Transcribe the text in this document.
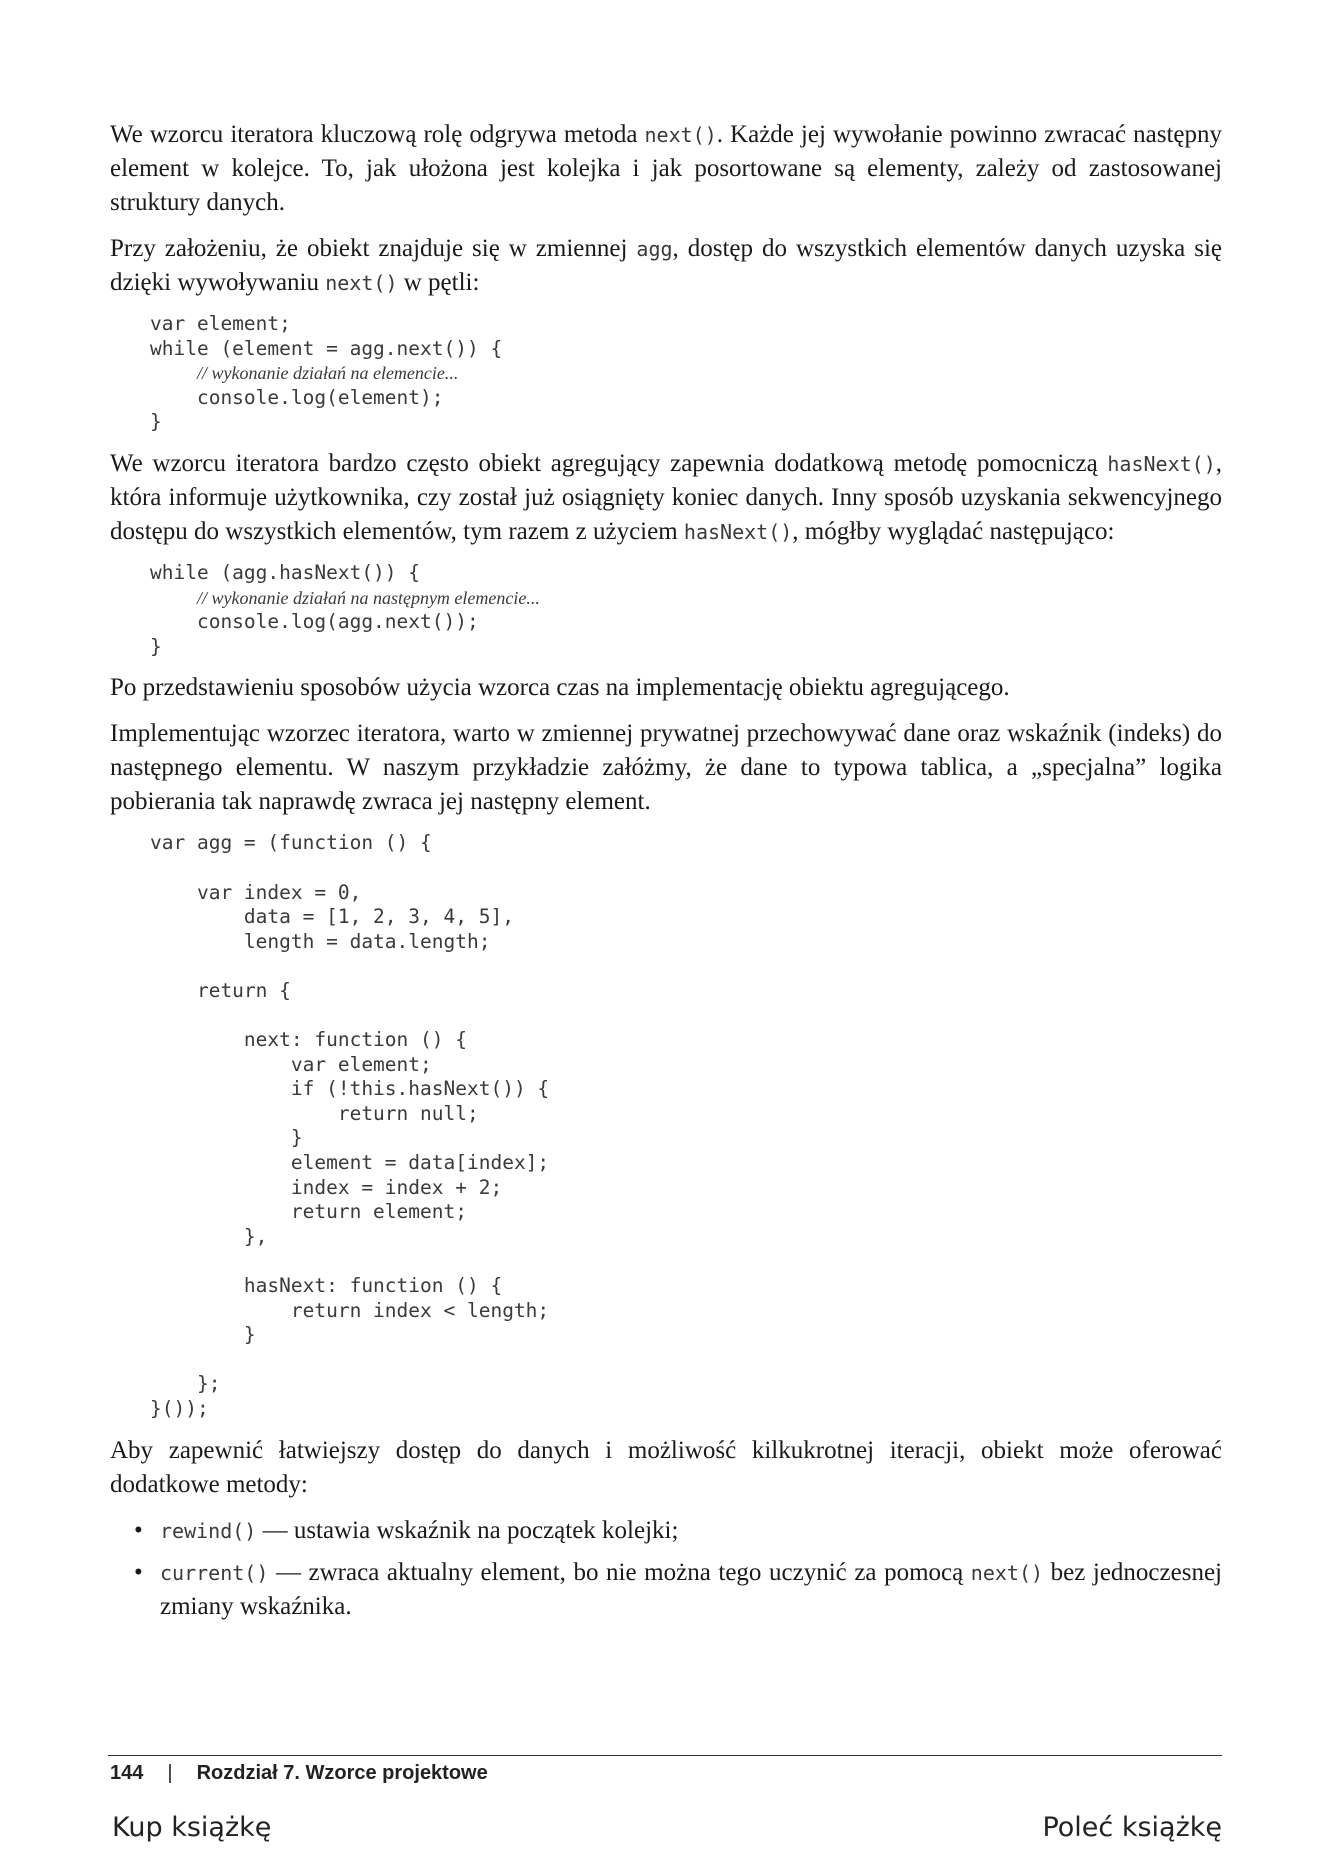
We wzorcu iteratora kluczową rolę odgrywa metoda next(). Każde jej wywołanie powinno zwracać następny element w kolejce. To, jak ułożona jest kolejka i jak posortowane są elementy, zależy od zastosowanej struktury danych.

Przy założeniu, że obiekt znajduje się w zmiennej agg, dostęp do wszystkich elementów danych uzyska się dzięki wywoływaniu next() w pętli:

var element;
while (element = agg.next()) {
// wykonanie działań na elemencie...
console.log(element);
}

We wzorcu iteratora bardzo często obiekt agregujący zapewnia dodatkową metodę pomocniczą hasNext(), która informuje użytkownika, czy został już osiągnięty koniec danych. Inny sposób uzyskania sekwencyjnego dostępu do wszystkich elementów, tym razem z użyciem hasNext(), mógłby wyglądać następująco:

while (agg.hasNext()) {
// wykonanie działań na następnym elemencie...
console.log(agg.next());
}

Po przedstawieniu sposobów użycia wzorca czas na implementację obiektu agregującego.

Implementując wzorzec iteratora, warto w zmiennej prywatnej przechowywać dane oraz wskaźnik (indeks) do następnego elementu. W naszym przykładzie załóżmy, że dane to typowa tablica, a „specjalna” logika pobierania tak naprawdę zwraca jej następny element.

var agg = (function () {

var index = 0,
data = [1, 2, 3, 4, 5],
length = data.length;

return {

next: function () {
var element;
if (!this.hasNext()) {
return null;
}
element = data[index];
index = index + 2;
return element;
},

hasNext: function () {
return index < length;
}

};
}());

Aby zapewnić łatwiejszy dostęp do danych i możliwość kilkukrotnej iteracji, obiekt może oferować dodatkowe metody:

• rewind() — ustawia wskaźnik na początek kolejki;
• current() — zwraca aktualny element, bo nie można tego uczynić za pomocą next() bez jednoczesnej zmiany wskaźnika.
144 | Rozdział 7. Wzorce projektowe
Kup książkę	Poleć książkę
